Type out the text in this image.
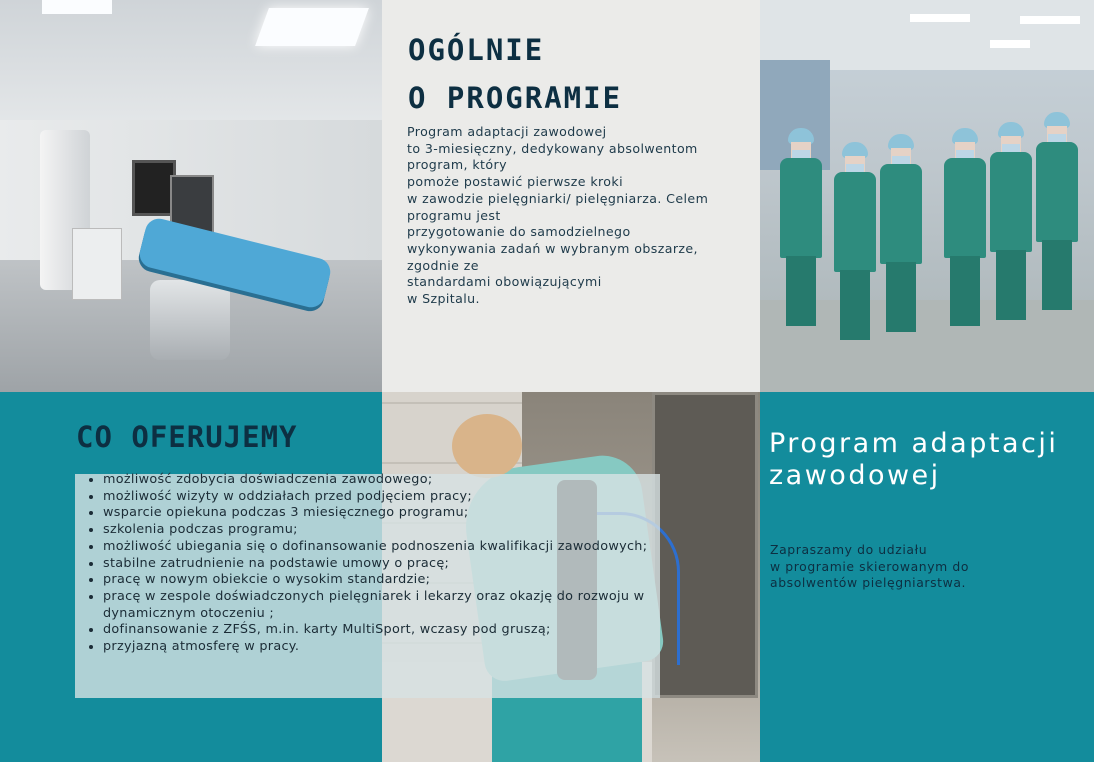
OGÓLNIE
O PROGRAMIE

Program adaptacji zawodowej
to 3-miesięczny, dedykowany absolwentom
program, który
pomoże postawić pierwsze kroki
w zawodzie pielęgniarki/ pielęgniarza. Celem
programu jest
przygotowanie do samodzielnego
wykonywania zadań w wybranym obszarze,
zgodnie ze
standardami obowiązującymi
w Szpitalu.

CO OFERUJEMY
• możliwość zdobycia doświadczenia zawodowego;
• możliwość wizyty w oddziałach przed podjęciem pracy;
• wsparcie opiekuna podczas 3 miesięcznego programu;
• szkolenia podczas programu;
• możliwość ubiegania się o dofinansowanie podnoszenia kwalifikacji zawodowych;
• stabilne zatrudnienie na podstawie umowy o pracę;
• pracę w nowym obiekcie o wysokim standardzie;
• pracę w zespole doświadczonych pielęgniarek i lekarzy oraz okazję do rozwoju w dynamicznym otoczeniu ;
• dofinansowanie z ZFŚS, m.in. karty MultiSport, wczasy pod gruszą;
• przyjazną atmosferę w pracy.
Program adaptacji zawodowej

Zapraszamy do udziału
w programie skierowanym do
absolwentów pielęgniarstwa.
